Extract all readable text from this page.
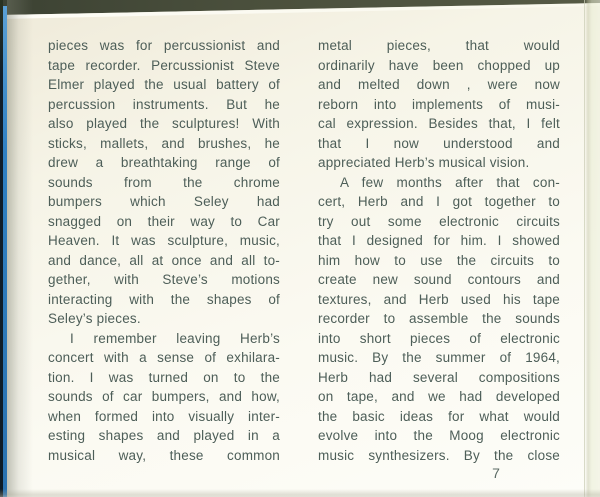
pieces was for percussionist and
tape recorder. Percussionist Steve
Elmer played the usual battery of
percussion instruments. But he
also played the sculptures! With
sticks, mallets, and brushes, he
drew a breathtaking range of
sounds from the chrome
bumpers which Seley had
snagged on their way to Car
Heaven. It was sculpture, music,
and dance, all at once and all to-
gether, with Steve’s motions
interacting with the shapes of
Seley’s pieces.
I remember leaving Herb’s
concert with a sense of exhilara-
tion. I was turned on to the
sounds of car bumpers, and how,
when formed into visually inter-
esting shapes and played in a
musical way, these common
metal pieces, that would
ordinarily have been chopped up
and melted down , were now
reborn into implements of musi-
cal expression. Besides that, I felt
that I now understood and
appreciated Herb’s musical vision.
A few months after that con-
cert, Herb and I got together to
try out some electronic circuits
that I designed for him. I showed
him how to use the circuits to
create new sound contours and
textures, and Herb used his tape
recorder to assemble the sounds
into short pieces of electronic
music. By the summer of 1964,
Herb had several compositions
on tape, and we had developed
the basic ideas for what would
evolve into the Moog electronic
music synthesizers. By the close
7
